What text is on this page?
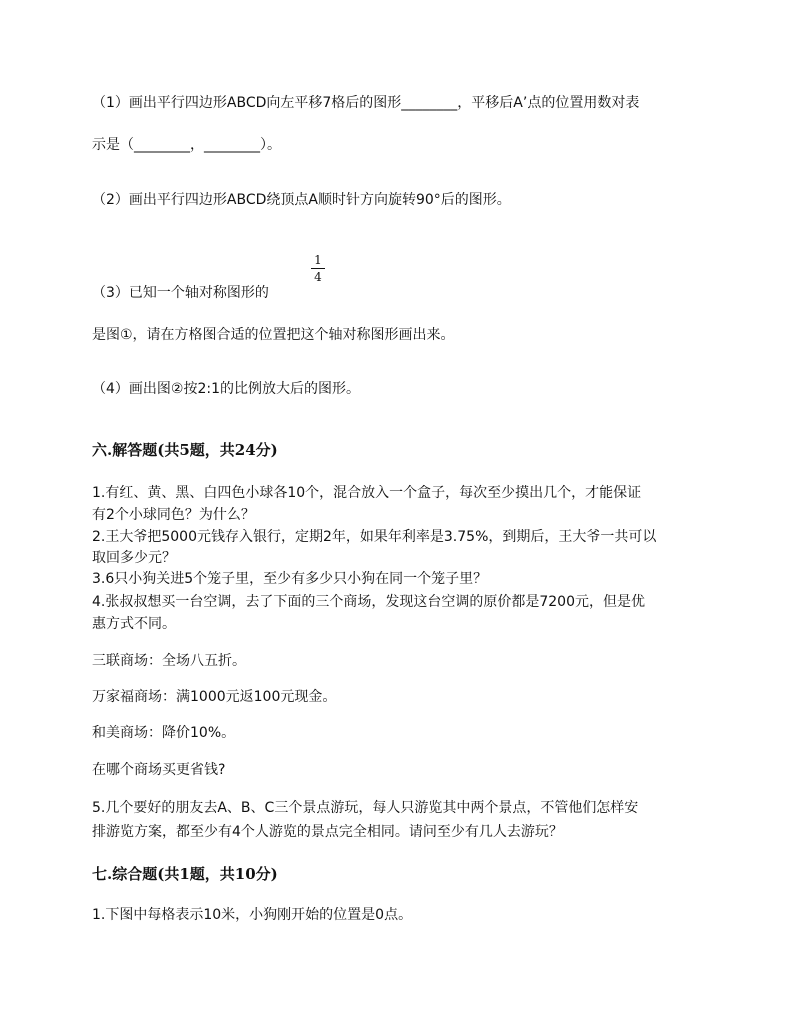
（1）画出平行四边形ABCD向左平移7格后的图形________，平移后A’点的位置用数对表
示是（________，________）。
（2）画出平行四边形ABCD绕顶点A顺时针方向旋转90°后的图形。
1
4
（3）已知一个轴对称图形的
是图①，请在方格图合适的位置把这个轴对称图形画出来。
（4）画出图②按2:1的比例放大后的图形。
六.解答题(共5题，共24分)
1.有红、黄、黑、白四色小球各10个，混合放入一个盒子，每次至少摸出几个，才能保证
有2个小球同色？为什么？
2.王大爷把5000元钱存入银行，定期2年，如果年利率是3.75%，到期后，王大爷一共可以
取回多少元？
3.6只小狗关进5个笼子里，至少有多少只小狗在同一个笼子里？
4.张叔叔想买一台空调，去了下面的三个商场，发现这台空调的原价都是7200元，但是优
惠方式不同。
三联商场：全场八五折。
万家福商场：满1000元返100元现金。
和美商场：降价10%。
在哪个商场买更省钱?
5.几个要好的朋友去A、B、C三个景点游玩，每人只游览其中两个景点，不管他们怎样安
排游览方案，都至少有4个人游览的景点完全相同。请问至少有几人去游玩？
七.综合题(共1题，共10分)
1.下图中每格表示10米，小狗刚开始的位置是0点。
